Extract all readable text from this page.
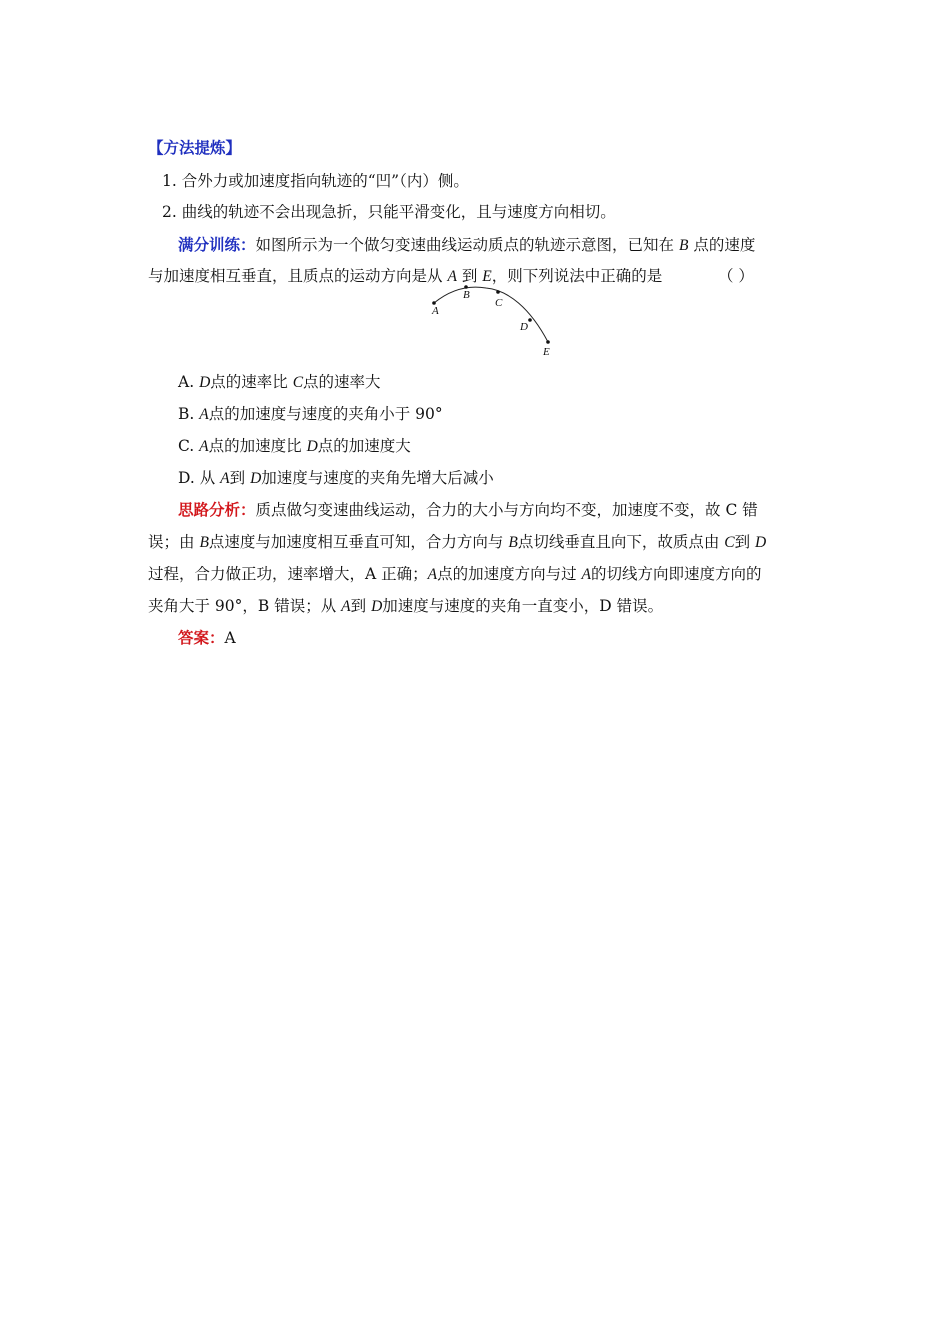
【方法提炼】
1. 合外力或加速度指向轨迹的“凹”（内）侧。
2. 曲线的轨迹不会出现急折，只能平滑变化，且与速度方向相切。
满分训练：如图所示为一个做匀变速曲线运动质点的轨迹示意图，已知在 B 点的速度
与加速度相互垂直，且质点的运动方向是从 A 到 E，则下列说法中正确的是	（ ）
A
B
C
D
E
A. D点的速率比 C点的速率大
B. A点的加速度与速度的夹角小于 90°
C. A点的加速度比 D点的加速度大
D. 从 A到 D加速度与速度的夹角先增大后减小
思路分析：质点做匀变速曲线运动，合力的大小与方向均不变，加速度不变，故 C 错
误；由 B点速度与加速度相互垂直可知，合力方向与 B点切线垂直且向下，故质点由 C到 D
过程，合力做正功，速率增大，A 正确；A点的加速度方向与过 A的切线方向即速度方向的
夹角大于 90°，B 错误；从 A到 D加速度与速度的夹角一直变小，D 错误。
答案：A
